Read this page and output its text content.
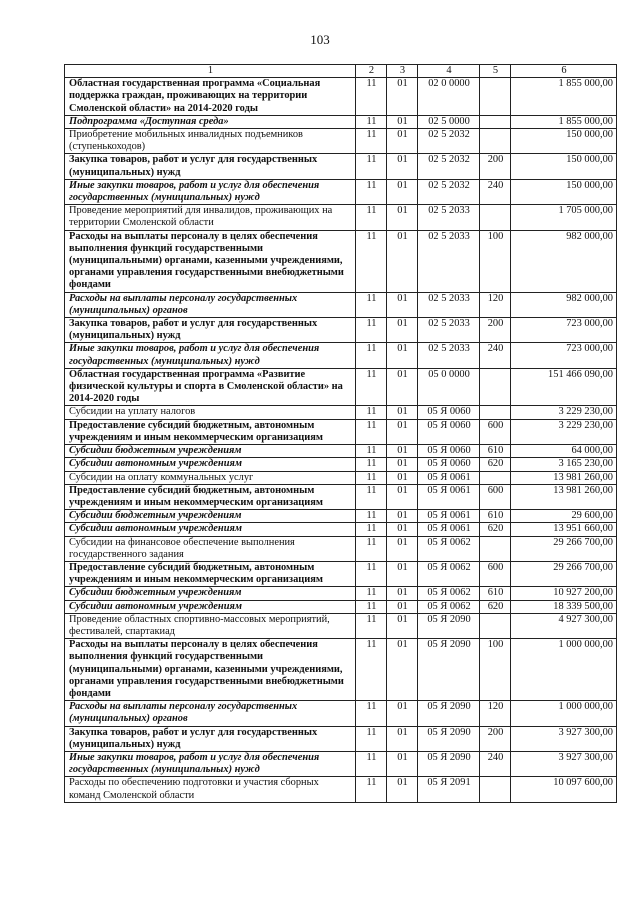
103
1	2	3	4	5	6
Областная государственная программа «Социальная поддержка граждан, проживающих на территории Смоленской области» на 2014-2020 годы	11	01	02 0 0000		1 855 000,00
Подпрограмма «Доступная среда»	11	01	02 5 0000		1 855 000,00
Приобретение мобильных инвалидных подъемников (ступенькоходов)	11	01	02 5 2032		150 000,00
Закупка товаров, работ и услуг для государственных (муниципальных) нужд	11	01	02 5 2032	200	150 000,00
Иные закупки товаров, работ и услуг для обеспечения государственных (муниципальных) нужд	11	01	02 5 2032	240	150 000,00
Проведение мероприятий для инвалидов, проживающих на территории Смоленской области	11	01	02 5 2033		1 705 000,00
Расходы на выплаты персоналу в целях обеспечения выполнения функций государственными (муниципальными) органами, казенными учреждениями, органами управления государственными внебюджетными фондами	11	01	02 5 2033	100	982 000,00
Расходы на выплаты персоналу государственных (муниципальных) органов	11	01	02 5 2033	120	982 000,00
Закупка товаров, работ и услуг для государственных (муниципальных) нужд	11	01	02 5 2033	200	723 000,00
Иные закупки товаров, работ и услуг для обеспечения государственных (муниципальных) нужд	11	01	02 5 2033	240	723 000,00
Областная государственная программа «Развитие физической культуры и спорта в Смоленской области» на 2014-2020 годы	11	01	05 0 0000		151 466 090,00
Субсидии на уплату налогов	11	01	05 Я 0060		3 229 230,00
Предоставление субсидий бюджетным, автономным учреждениям и иным некоммерческим организациям	11	01	05 Я 0060	600	3 229 230,00
Субсидии бюджетным учреждениям	11	01	05 Я 0060	610	64 000,00
Субсидии автономным учреждениям	11	01	05 Я 0060	620	3 165 230,00
Субсидии на оплату коммунальных услуг	11	01	05 Я 0061		13 981 260,00
Предоставление субсидий бюджетным, автономным учреждениям и иным некоммерческим организациям	11	01	05 Я 0061	600	13 981 260,00
Субсидии бюджетным учреждениям	11	01	05 Я 0061	610	29 600,00
Субсидии автономным учреждениям	11	01	05 Я 0061	620	13 951 660,00
Субсидии на финансовое обеспечение выполнения государственного задания	11	01	05 Я 0062		29 266 700,00
Предоставление субсидий бюджетным, автономным учреждениям и иным некоммерческим организациям	11	01	05 Я 0062	600	29 266 700,00
Субсидии бюджетным учреждениям	11	01	05 Я 0062	610	10 927 200,00
Субсидии автономным учреждениям	11	01	05 Я 0062	620	18 339 500,00
Проведение областных спортивно-массовых мероприятий, фестивалей, спартакиад	11	01	05 Я 2090		4 927 300,00
Расходы на выплаты персоналу в целях обеспечения выполнения функций государственными (муниципальными) органами, казенными учреждениями, органами управления государственными внебюджетными фондами	11	01	05 Я 2090	100	1 000 000,00
Расходы на выплаты персоналу государственных (муниципальных) органов	11	01	05 Я 2090	120	1 000 000,00
Закупка товаров, работ и услуг для государственных (муниципальных) нужд	11	01	05 Я 2090	200	3 927 300,00
Иные закупки товаров, работ и услуг для обеспечения государственных (муниципальных) нужд	11	01	05 Я 2090	240	3 927 300,00
Расходы по обеспечению подготовки и участия сборных команд Смоленской области	11	01	05 Я 2091		10 097 600,00
